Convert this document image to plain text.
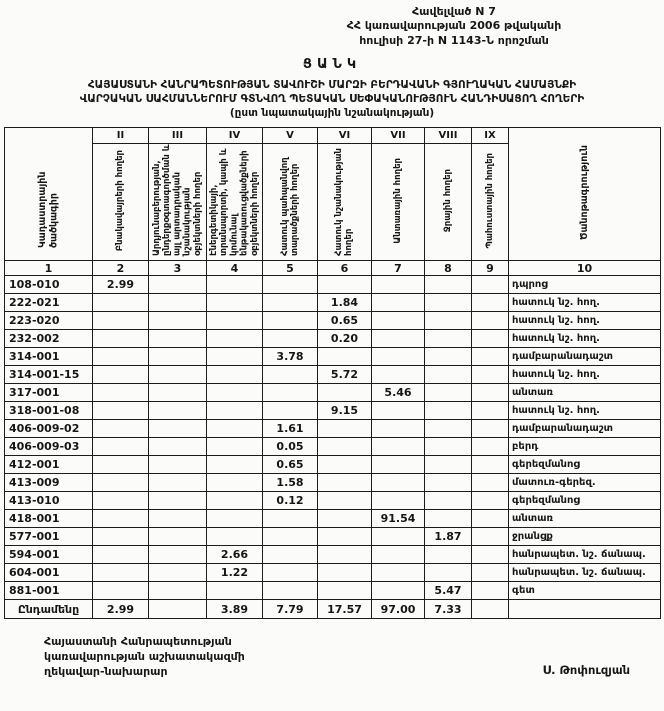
Հավելված N 7
ՀՀ կառավարության 2006 թվականի
հուլիսի 27-ի N 1143-Ն որոշման
ՑԱՆԿ
ՀԱՅԱՍՏԱՆԻ ՀԱՆՐԱՊԵՏՈՒԹՅԱՆ ՏԱՎՈՒՇԻ ՄԱՐԶԻ ԲԵՐԴԱՎԱՆԻ ԳՅՈՒՂԱԿԱՆ ՀԱՄԱՅՆՔԻ
ՎԱՐՉԱԿԱՆ ՍԱՀՄԱՆՆԵՐՈՒՄ ԳՏՆՎՈՂ ՊԵՏԱԿԱՆ ՍԵՓԱԿԱՆՈՒԹՅՈՒՆ ՀԱՆԴԻՍԱՑՈՂ ՀՈՂԵՐԻ
(ըստ նպատակային նշանակության)
Կադաստրային ծածկագիր	II	III	IV	V	VI	VII	VIII	IX	Ծանոթագրություն
	Բնակավայրերի հողեր	Արդյունաբերության, ընդերքօգտագործման և այլ արտադրական նշանակության օբյեկտների հողեր	Էներգետիկայի, տրանսպորտի, կապի և կոմունալ ենթակառուցվածքների օբյեկտների հողեր	Հատուկ պահպանվող տարածքների հողեր	Հատուկ նշանակության հողեր	Անտառային հողեր	Ջրային հողեր	Պահուստային հողեր	
1	2	3	4	5	6	7	8	9	10
108-010	2.99								դպրոց
222-021					1.84				հատուկ նշ. հող.
223-020					0.65				հատուկ նշ. հող.
232-002					0.20				հատուկ նշ. հող.
314-001				3.78					դամբարանադաշտ
314-001-15					5.72				հատուկ նշ. հող.
317-001						5.46			անտառ
318-001-08					9.15				հատուկ նշ. հող.
406-009-02				1.61					դամբարանադաշտ
406-009-03				0.05					բերդ
412-001				0.65					գերեզմանոց
413-009				1.58					մատուռ-գերեզ.
413-010				0.12					գերեզմանոց
418-001						91.54			անտառ
577-001							1.87		ջրանցք
594-001			2.66						հանրապետ. նշ. ճանապ.
604-001			1.22						հանրապետ. նշ. ճանապ.
881-001							5.47		գետ
Ընդամենը	2.99		3.89	7.79	17.57	97.00	7.33		
Հայաստանի Հանրապետության
կառավարության աշխատակազմի
ղեկավար-նախարար	Ս. Թոփուզյան
